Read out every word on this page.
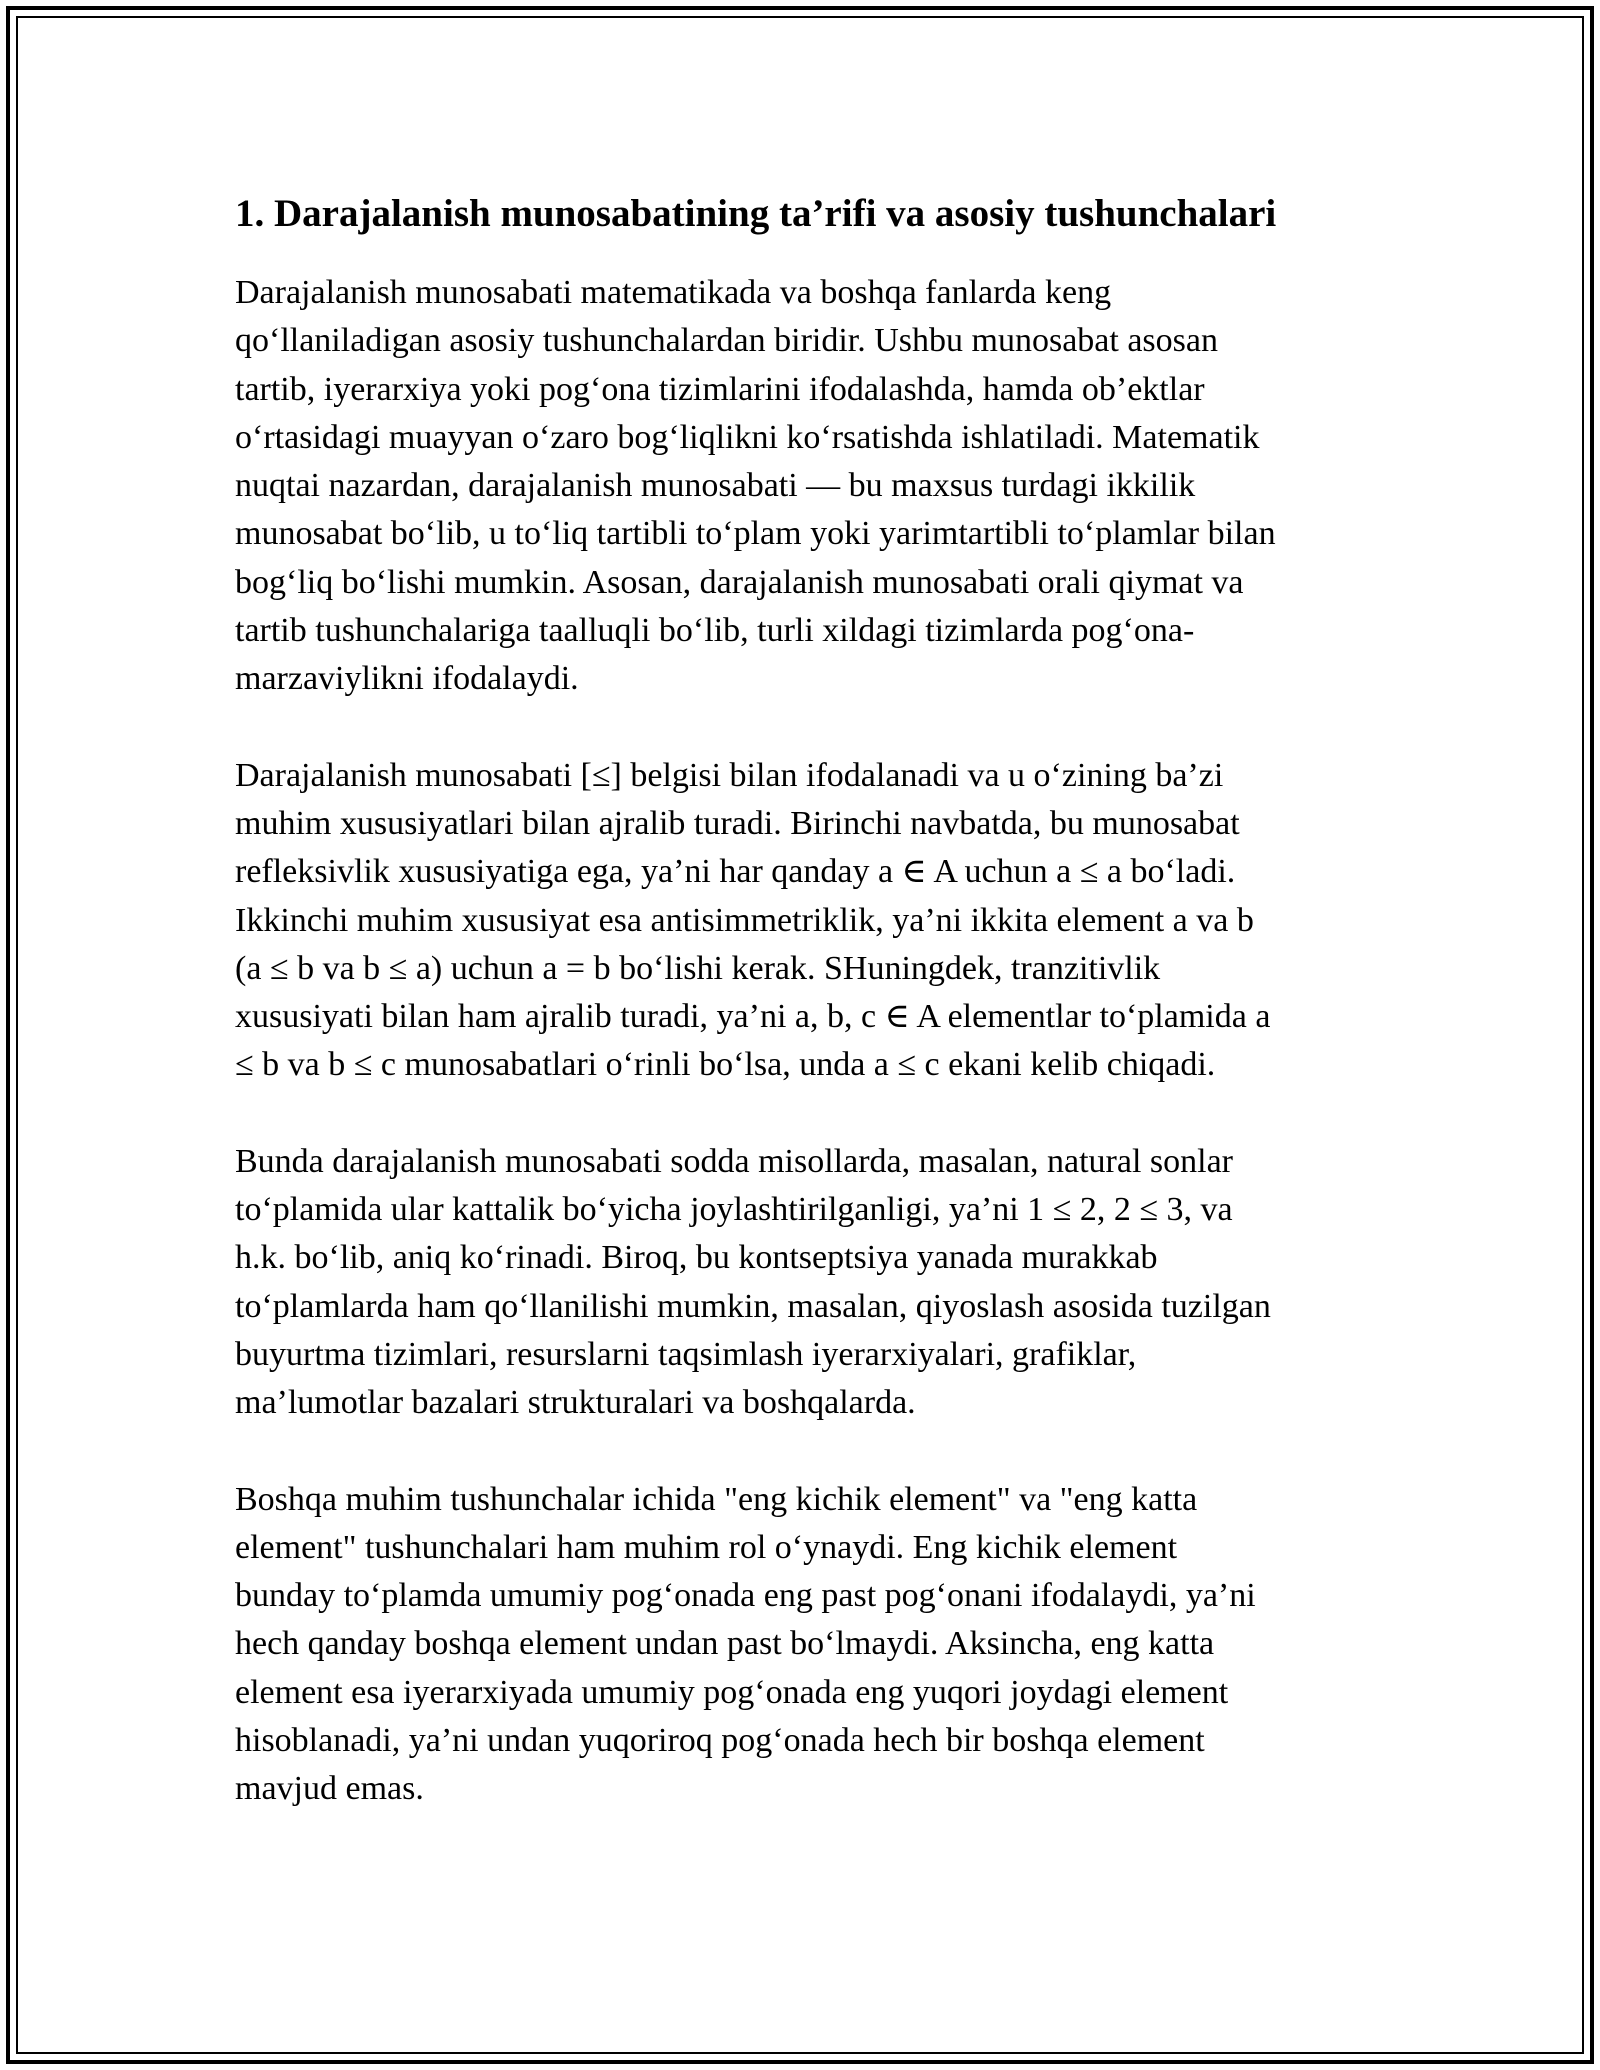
1. Darajalanish munosabatining ta’rifi va asosiy tushunchalari

Darajalanish munosabati matematikada va boshqa fanlarda keng
qo‘llaniladigan asosiy tushunchalardan biridir. Ushbu munosabat asosan
tartib, iyerarxiya yoki pog‘ona tizimlarini ifodalashda, hamda ob’ektlar
o‘rtasidagi muayyan o‘zaro bog‘liqlikni ko‘rsatishda ishlatiladi. Matematik
nuqtai nazardan, darajalanish munosabati — bu maxsus turdagi ikkilik
munosabat bo‘lib, u to‘liq tartibli to‘plam yoki yarimtartibli to‘plamlar bilan
bog‘liq bo‘lishi mumkin. Asosan, darajalanish munosabati orali qiymat va
tartib tushunchalariga taalluqli bo‘lib, turli xildagi tizimlarda pog‘ona-
marzaviylikni ifodalaydi.

Darajalanish munosabati [≤] belgisi bilan ifodalanadi va u o‘zining ba’zi
muhim xususiyatlari bilan ajralib turadi. Birinchi navbatda, bu munosabat
refleksivlik xususiyatiga ega, ya’ni har qanday a ∈ A uchun a ≤ a bo‘ladi.
Ikkinchi muhim xususiyat esa antisimmetriklik, ya’ni ikkita element a va b
(a ≤ b va b ≤ a) uchun a = b bo‘lishi kerak. SHuningdek, tranzitivlik
xususiyati bilan ham ajralib turadi, ya’ni a, b, c ∈ A elementlar to‘plamida a
≤ b va b ≤ c munosabatlari o‘rinli bo‘lsa, unda a ≤ c ekani kelib chiqadi.

Bunda darajalanish munosabati sodda misollarda, masalan, natural sonlar
to‘plamida ular kattalik bo‘yicha joylashtirilganligi, ya’ni 1 ≤ 2, 2 ≤ 3, va
h.k. bo‘lib, aniq ko‘rinadi. Biroq, bu kontseptsiya yanada murakkab
to‘plamlarda ham qo‘llanilishi mumkin, masalan, qiyoslash asosida tuzilgan
buyurtma tizimlari, resurslarni taqsimlash iyerarxiyalari, grafiklar,
ma’lumotlar bazalari strukturalari va boshqalarda.

Boshqa muhim tushunchalar ichida "eng kichik element" va "eng katta
element" tushunchalari ham muhim rol o‘ynaydi. Eng kichik element
bunday to‘plamda umumiy pog‘onada eng past pog‘onani ifodalaydi, ya’ni
hech qanday boshqa element undan past bo‘lmaydi. Aksincha, eng katta
element esa iyerarxiyada umumiy pog‘onada eng yuqori joydagi element
hisoblanadi, ya’ni undan yuqoriroq pog‘onada hech bir boshqa element
mavjud emas.
